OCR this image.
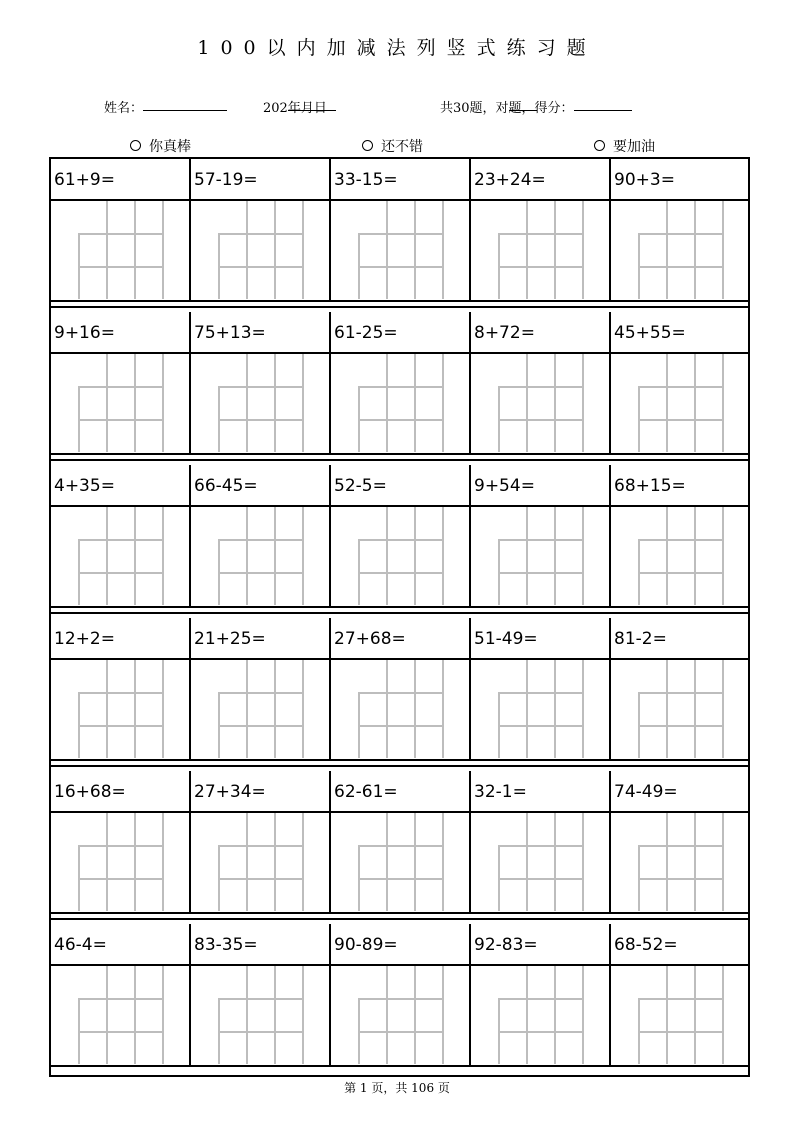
100以内加减法列竖式练习题
姓名：	202
年
月
日	共30题，对
题，得分：
你真棒	还不错	要加油
61+9=	57-19=	33-15=	23+24=	90+3=
9+16=	75+13=	61-25=	8+72=	45+55=
4+35=	66-45=	52-5=	9+54=	68+15=
12+2=	21+25=	27+68=	51-49=	81-2=
16+68=	27+34=	62-61=	32-1=	74-49=
46-4=	83-35=	90-89=	92-83=	68-52=
第 1 页，共 106 页
